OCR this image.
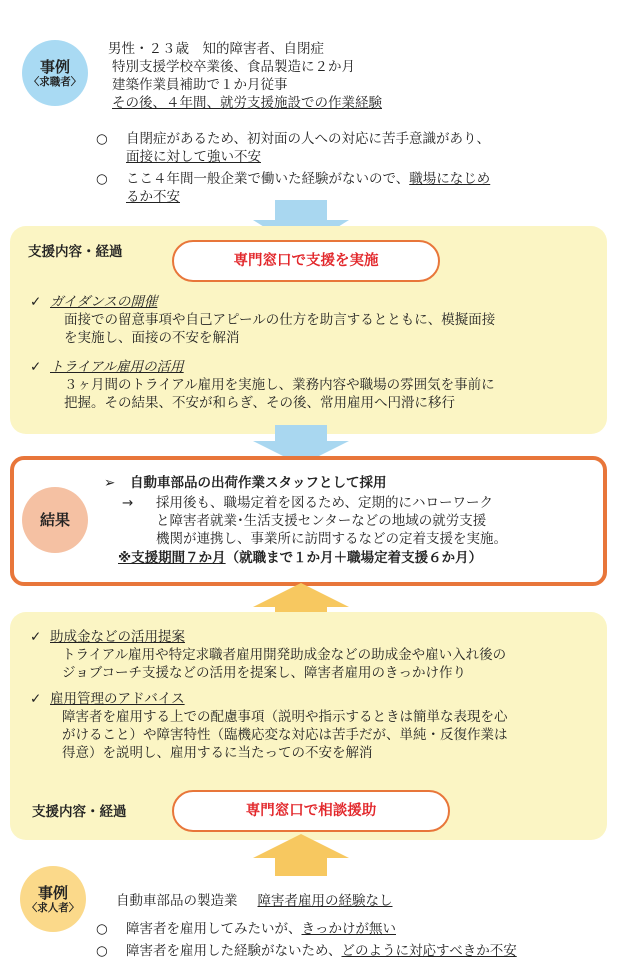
事例
〈求職者〉
男性・２３歳　知的障害者、自閉症
特別支援学校卒業後、食品製造に２か月
建築作業員補助で１か月従事
その後、４年間、就労支援施設での作業経験
○ 自閉症があるため、初対面の人への対応に苦手意識があり、
面接に対して強い不安
○ ここ４年間一般企業で働いた経験がないので、職場になじめ
るか不安
支援内容・経過
専門窓口で支援を実施
✓ ガイダンスの開催
面接での留意事項や自己アピールの仕方を助言するとともに、模擬面接
を実施し、面接の不安を解消
✓ トライアル雇用の活用
３ヶ月間のトライアル雇用を実施し、業務内容や職場の雰囲気を事前に
把握。その結果、不安が和らぎ、その後、常用雇用へ円滑に移行
結果
➢ 自動車部品の出荷作業スタッフとして採用
→ 採用後も、職場定着を図るため、定期的にハローワーク
と障害者就業･生活支援センターなどの地域の就労支援
機関が連携し、事業所に訪問するなどの定着支援を実施。
※支援期間７か月（就職まで１か月＋職場定着支援６か月）
✓ 助成金などの活用提案
トライアル雇用や特定求職者雇用開発助成金などの助成金や雇い入れ後の
ジョブコーチ支援などの活用を提案し、障害者雇用のきっかけ作り
✓ 雇用管理のアドバイス
障害者を雇用する上での配慮事項（説明や指示するときは簡単な表現を心
がけること）や障害特性（臨機応変な対応は苦手だが、単純・反復作業は
得意）を説明し、雇用するに当たっての不安を解消
支援内容・経過	専門窓口で相談援助
事例
〈求人者〉	自動車部品の製造業 障害者雇用の経験なし
○ 障害者を雇用してみたいが、きっかけが無い
○ 障害者を雇用した経験がないため、どのように対応すべきか不安
